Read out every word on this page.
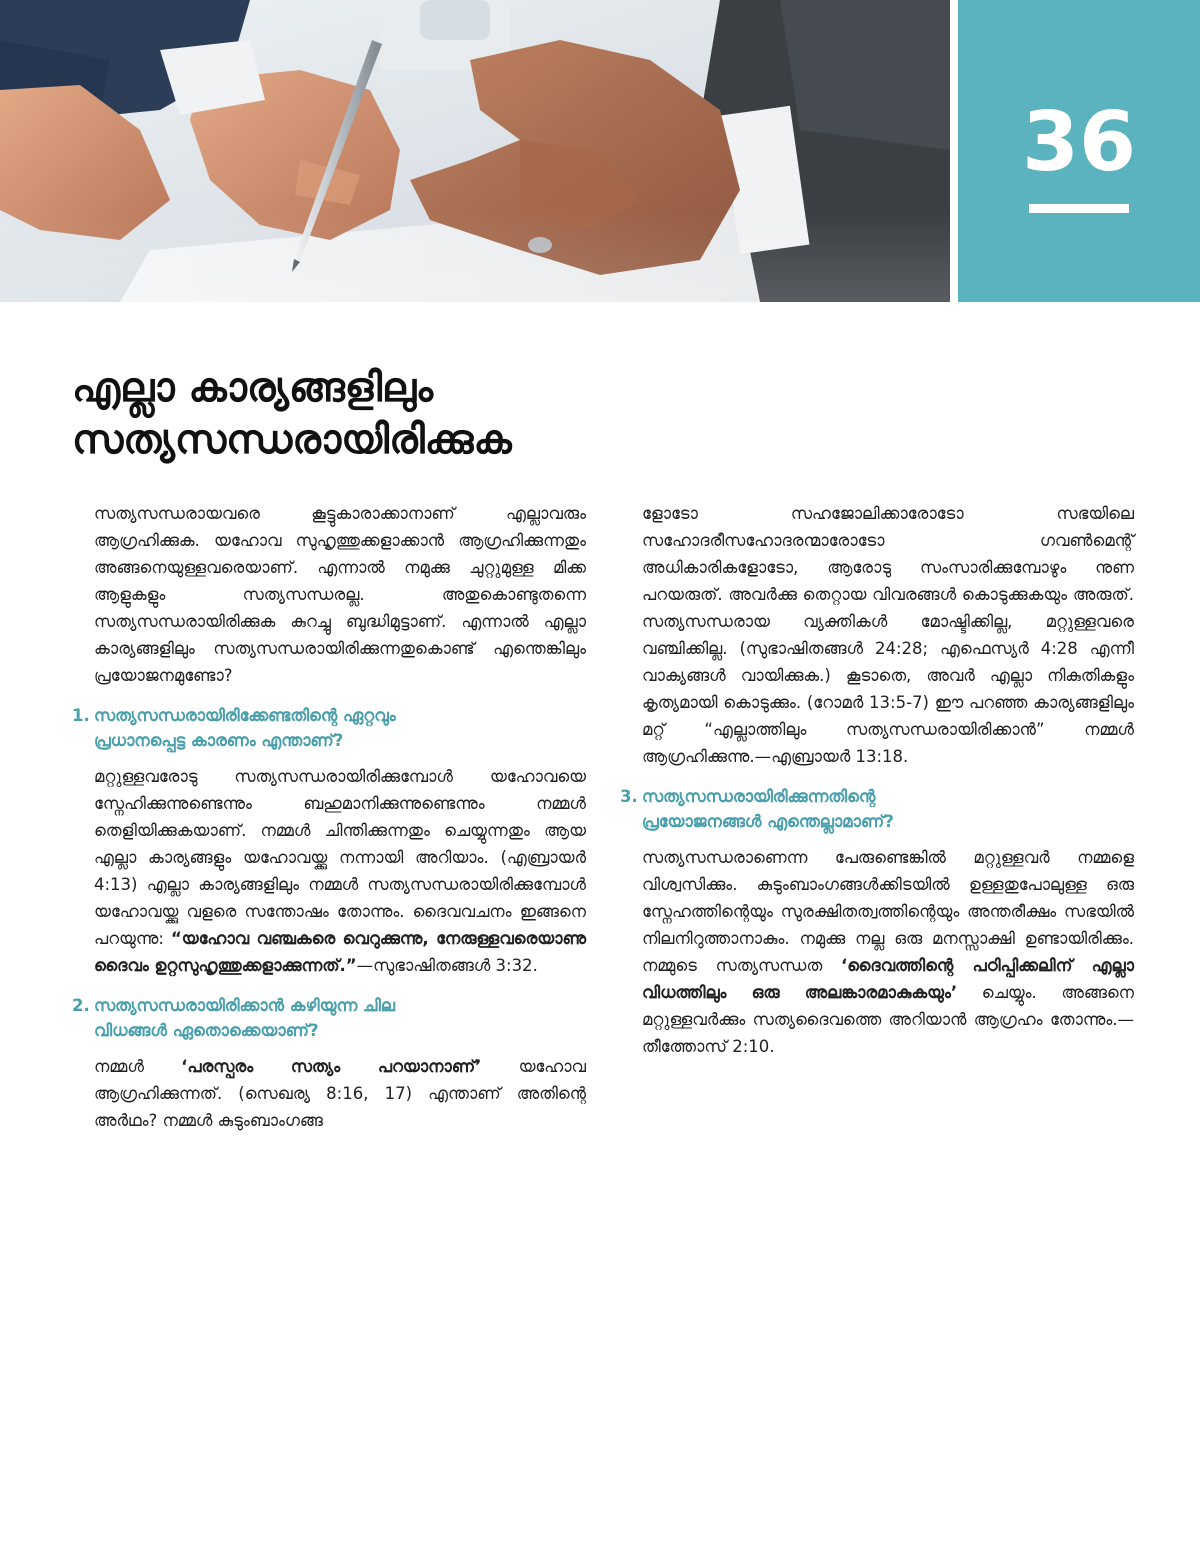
36
എല്ലാ കാര്യങ്ങളിലും
സത്യസന്ധരായിരിക്കുക

സത്യസന്ധരായവരെ കൂട്ടുകാരാക്കാനാണ് എല്ലാവരും ആഗ്രഹിക്കുക. യഹോവ സുഹൃത്തുക്കളാക്കാൻ ആഗ്രഹിക്കുന്നതും അങ്ങനെയുള്ളവരെയാണ്. എന്നാൽ നമുക്കു ചുറ്റുമുള്ള മിക്ക ആളുകളും സത്യസന്ധരല്ല. അതുകൊണ്ടുതന്നെ സത്യസന്ധരായിരിക്കുക കുറച്ചു ബുദ്ധിമുട്ടാണ്. എന്നാൽ എല്ലാ കാര്യങ്ങളിലും സത്യസന്ധരായിരിക്കുന്നതുകൊണ്ട് എന്തെങ്കിലും പ്രയോജനമുണ്ടോ?

1. സത്യസന്ധരായിരിക്കേണ്ടതിന്റെ ഏറ്റവും
പ്രധാനപ്പെട്ട കാരണം എന്താണ്?

മറ്റുള്ളവരോടു സത്യസന്ധരായിരിക്കുമ്പോൾ യഹോവയെ സ്നേഹിക്കുന്നുണ്ടെന്നും ബഹുമാനിക്കുന്നുണ്ടെന്നും നമ്മൾ തെളിയിക്കുകയാണ്. നമ്മൾ ചിന്തിക്കുന്നതും ചെയ്യുന്നതും ആയ എല്ലാ കാര്യങ്ങളും യഹോവയ്ക്കു നന്നായി അറിയാം. (എബ്രായർ 4:13) എല്ലാ കാര്യങ്ങളിലും നമ്മൾ സത്യസന്ധരായിരിക്കുമ്പോൾ യഹോവയ്ക്കു വളരെ സന്തോഷം തോന്നും. ദൈവവചനം ഇങ്ങനെ പറയുന്നു: “യഹോവ വഞ്ചകരെ വെറുക്കുന്നു, നേരുള്ളവരെയാണു ദൈവം ഉറ്റസുഹൃത്തുക്കളാക്കുന്നത്.”—സുഭാഷിതങ്ങൾ 3:32.

2. സത്യസന്ധരായിരിക്കാൻ കഴിയുന്ന ചില
വിധങ്ങൾ ഏതൊക്കെയാണ്?

നമ്മൾ ‘പരസ്പരം സത്യം പറയാനാണ്’ യഹോവ ആഗ്രഹിക്കുന്നത്. (സെഖര്യ 8:16, 17) എന്താണ് അതിന്റെ അർഥം? നമ്മൾ കുടുംബാംഗങ്ങ

ളോടോ സഹജോലിക്കാരോടോ സഭയിലെ സഹോദരീസഹോദരന്മാരോടോ ഗവൺമെന്റ് അധികാരികളോടോ, ആരോടു സംസാരിക്കുമ്പോഴും നുണ പറയരുത്. അവർക്കു തെറ്റായ വിവരങ്ങൾ കൊടുക്കുകയും അരുത്. സത്യസന്ധരായ വ്യക്തികൾ മോഷ്ടിക്കില്ല, മറ്റുള്ളവരെ വഞ്ചിക്കില്ല. (സുഭാഷിതങ്ങൾ 24:28; എഫെസ്യർ 4:28 എന്നീ വാക്യങ്ങൾ വായിക്കുക.) കൂടാതെ, അവർ എല്ലാ നികുതികളും കൃത്യമായി കൊടുക്കും. (റോമർ 13:5-7) ഈ പറഞ്ഞ കാര്യങ്ങളിലും മറ്റ് “എല്ലാത്തിലും സത്യസന്ധരായിരിക്കാൻ” നമ്മൾ ആഗ്രഹിക്കുന്നു.—എബ്രായർ 13:18.

3. സത്യസന്ധരായിരിക്കുന്നതിന്റെ
പ്രയോജനങ്ങൾ എന്തെല്ലാമാണ്?

സത്യസന്ധരാണെന്ന പേരുണ്ടെങ്കിൽ മറ്റുള്ളവർ നമ്മളെ വിശ്വസിക്കും. കുടുംബാംഗങ്ങൾക്കിടയിൽ ഉള്ളതുപോലുള്ള ഒരു സ്നേഹത്തിന്റെയും സുരക്ഷിതത്വത്തിന്റെയും അന്തരീക്ഷം സഭയിൽ നിലനിറുത്താനാകും. നമുക്കു നല്ല ഒരു മനസ്സാക്ഷി ഉണ്ടായിരിക്കും. നമ്മുടെ സത്യസന്ധത ‘ദൈവത്തിന്റെ പഠിപ്പിക്കലിന് എല്ലാ വിധത്തിലും ഒരു അലങ്കാരമാകുകയും’ ചെയ്യും. അങ്ങനെ മറ്റുള്ളവർക്കും സത്യദൈവത്തെ അറിയാൻ ആഗ്രഹം തോന്നും.—തീത്തോസ് 2:10.
